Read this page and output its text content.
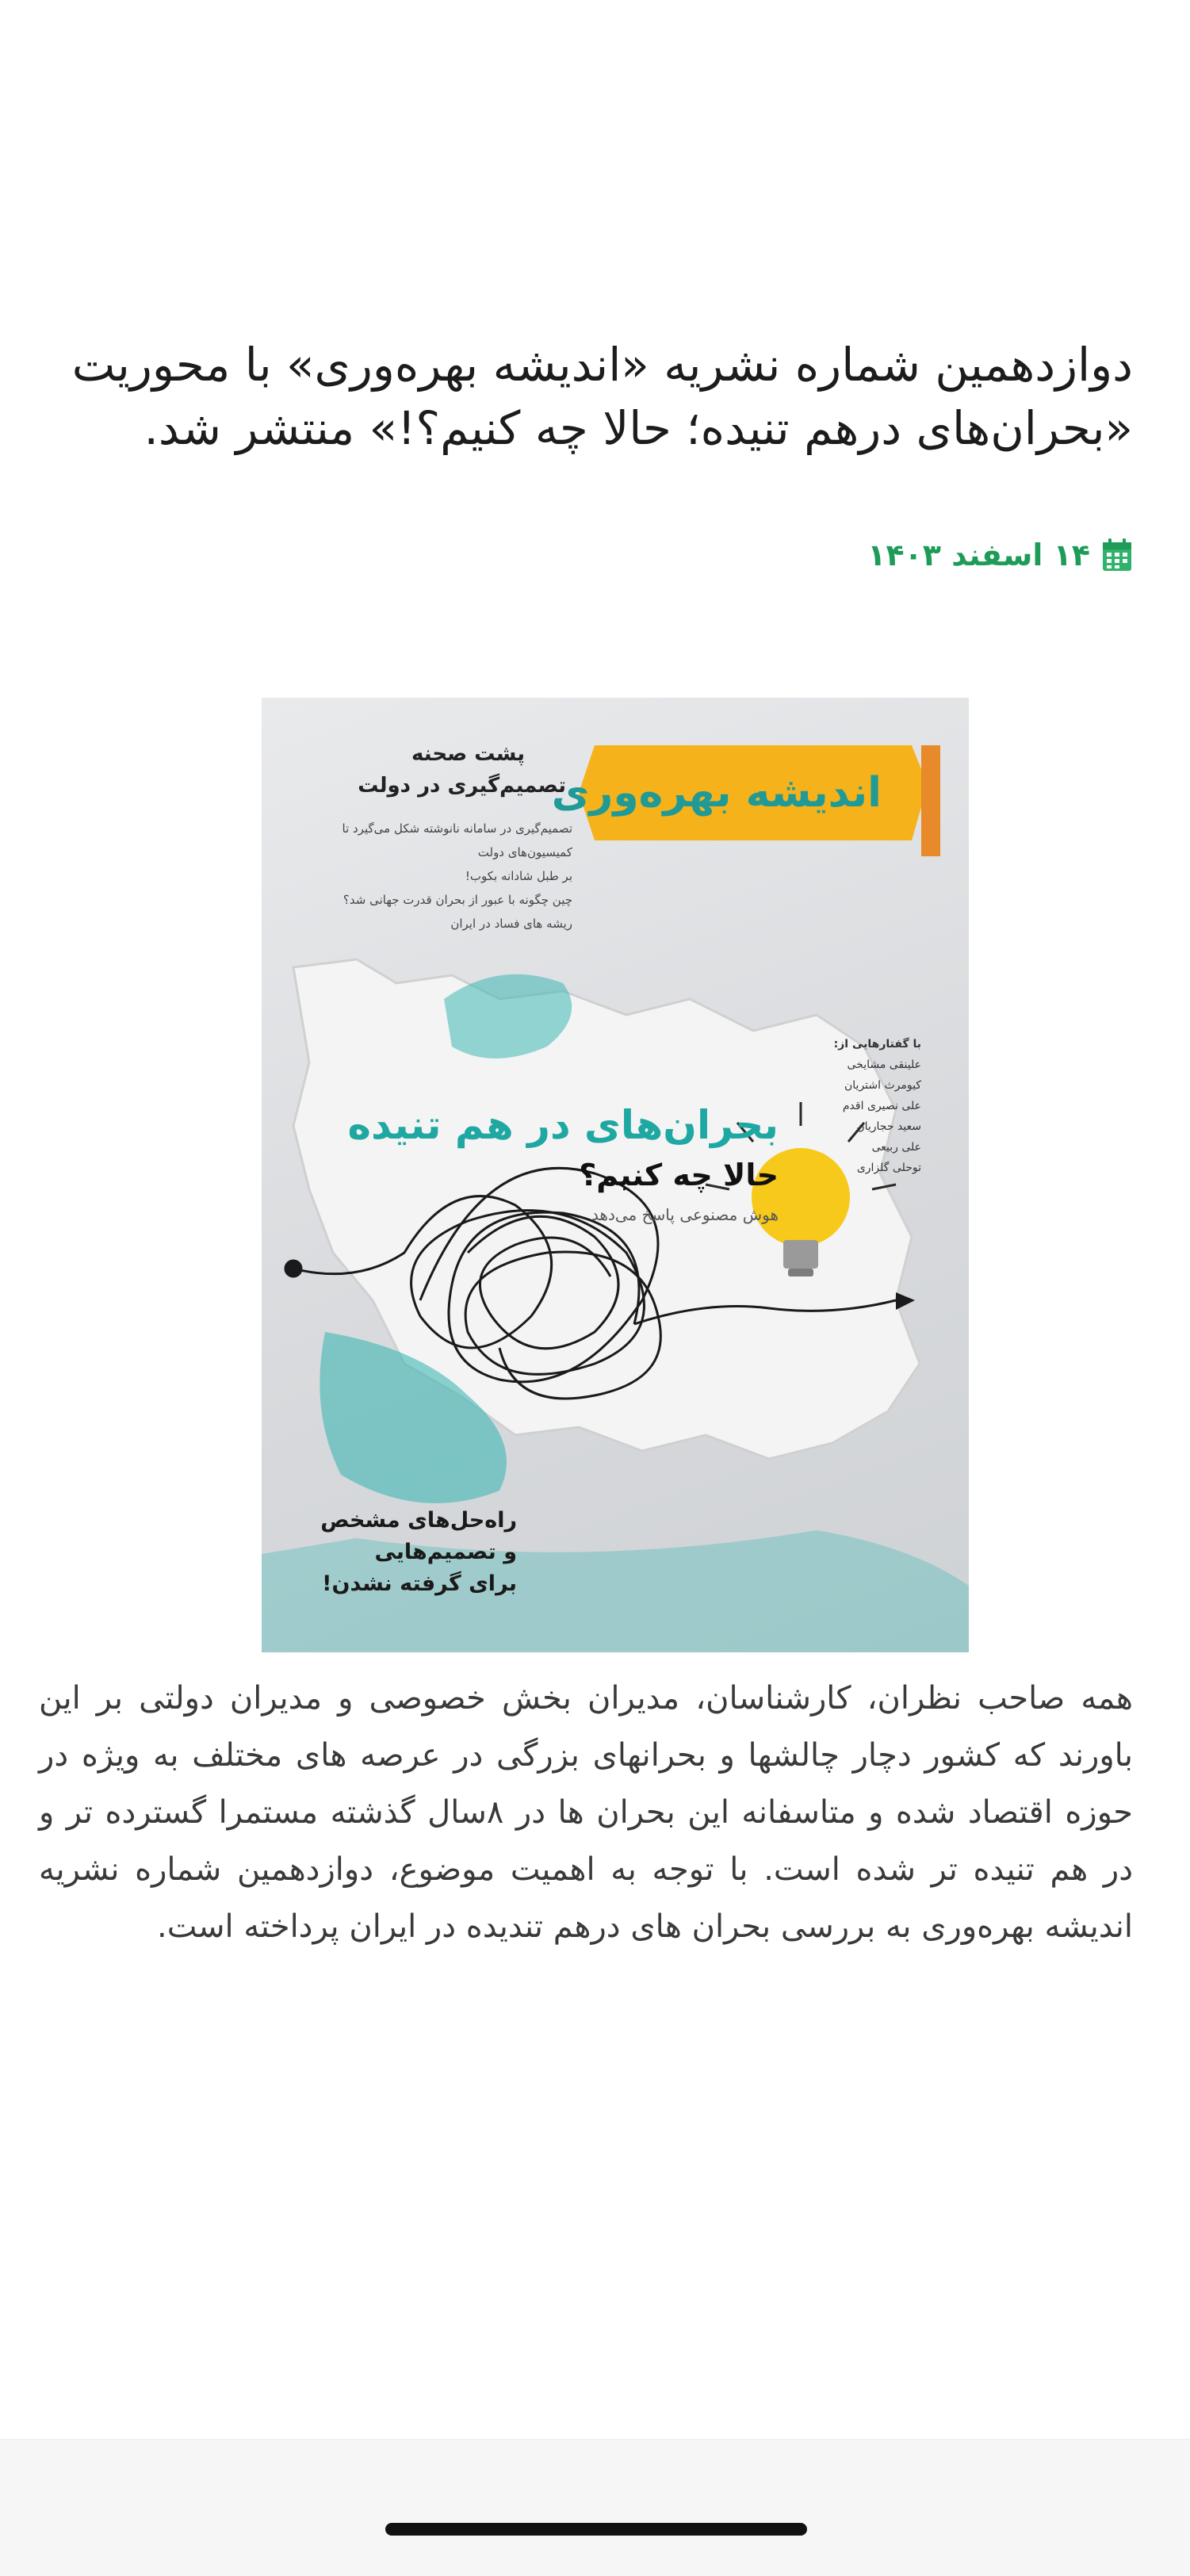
دوازدهمین شماره نشریه «اندیشه بهره‌وری» با محوریت «بحران‌های درهم تنیده؛ حالا چه کنیم؟!» منتشر شد.
۱۴ اسفند ۱۴۰۳
اندیشه بهره‌وری
پشت صحنه
تصمیم‌گیری در دولت
تصمیم‌گیری در سامانه نانوشته شکل می‌گیرد تا کمیسیون‌های دولت
بر طبل شادانه بکوب!
چین چگونه با عبور از بحران قدرت جهانی شد؟
ریشه های فساد در ایران
با گفتارهایی از:
علینقی مشایخی
کیومرث اشتریان
علی نصیری اقدم
سعید حجاریان
علی ربیعی
توحلی گلزاری
بحران‌های در هم تنیده
حالا چه کنیم؟
هوش مصنوعی پاسخ می‌دهد
راه‌حل‌های مشخص
و تصمیم‌هایی
برای گرفته نشدن!

همه صاحب نظران، کارشناسان، مدیران بخش خصوصی و مدیران دولتی بر این باورند که کشور دچار چالشها و بحرانهای بزرگی در عرصه های مختلف به ویژه در حوزه اقتصاد شده و متاسفانه این بحران ها در ۸سال گذشته مستمرا گسترده تر و در هم تنیده تر شده است. با توجه به اهمیت موضوع، دوازدهمین شماره نشریه اندیشه بهره‌وری به بررسی بحران های درهم تندیده در ایران پرداخته است.
